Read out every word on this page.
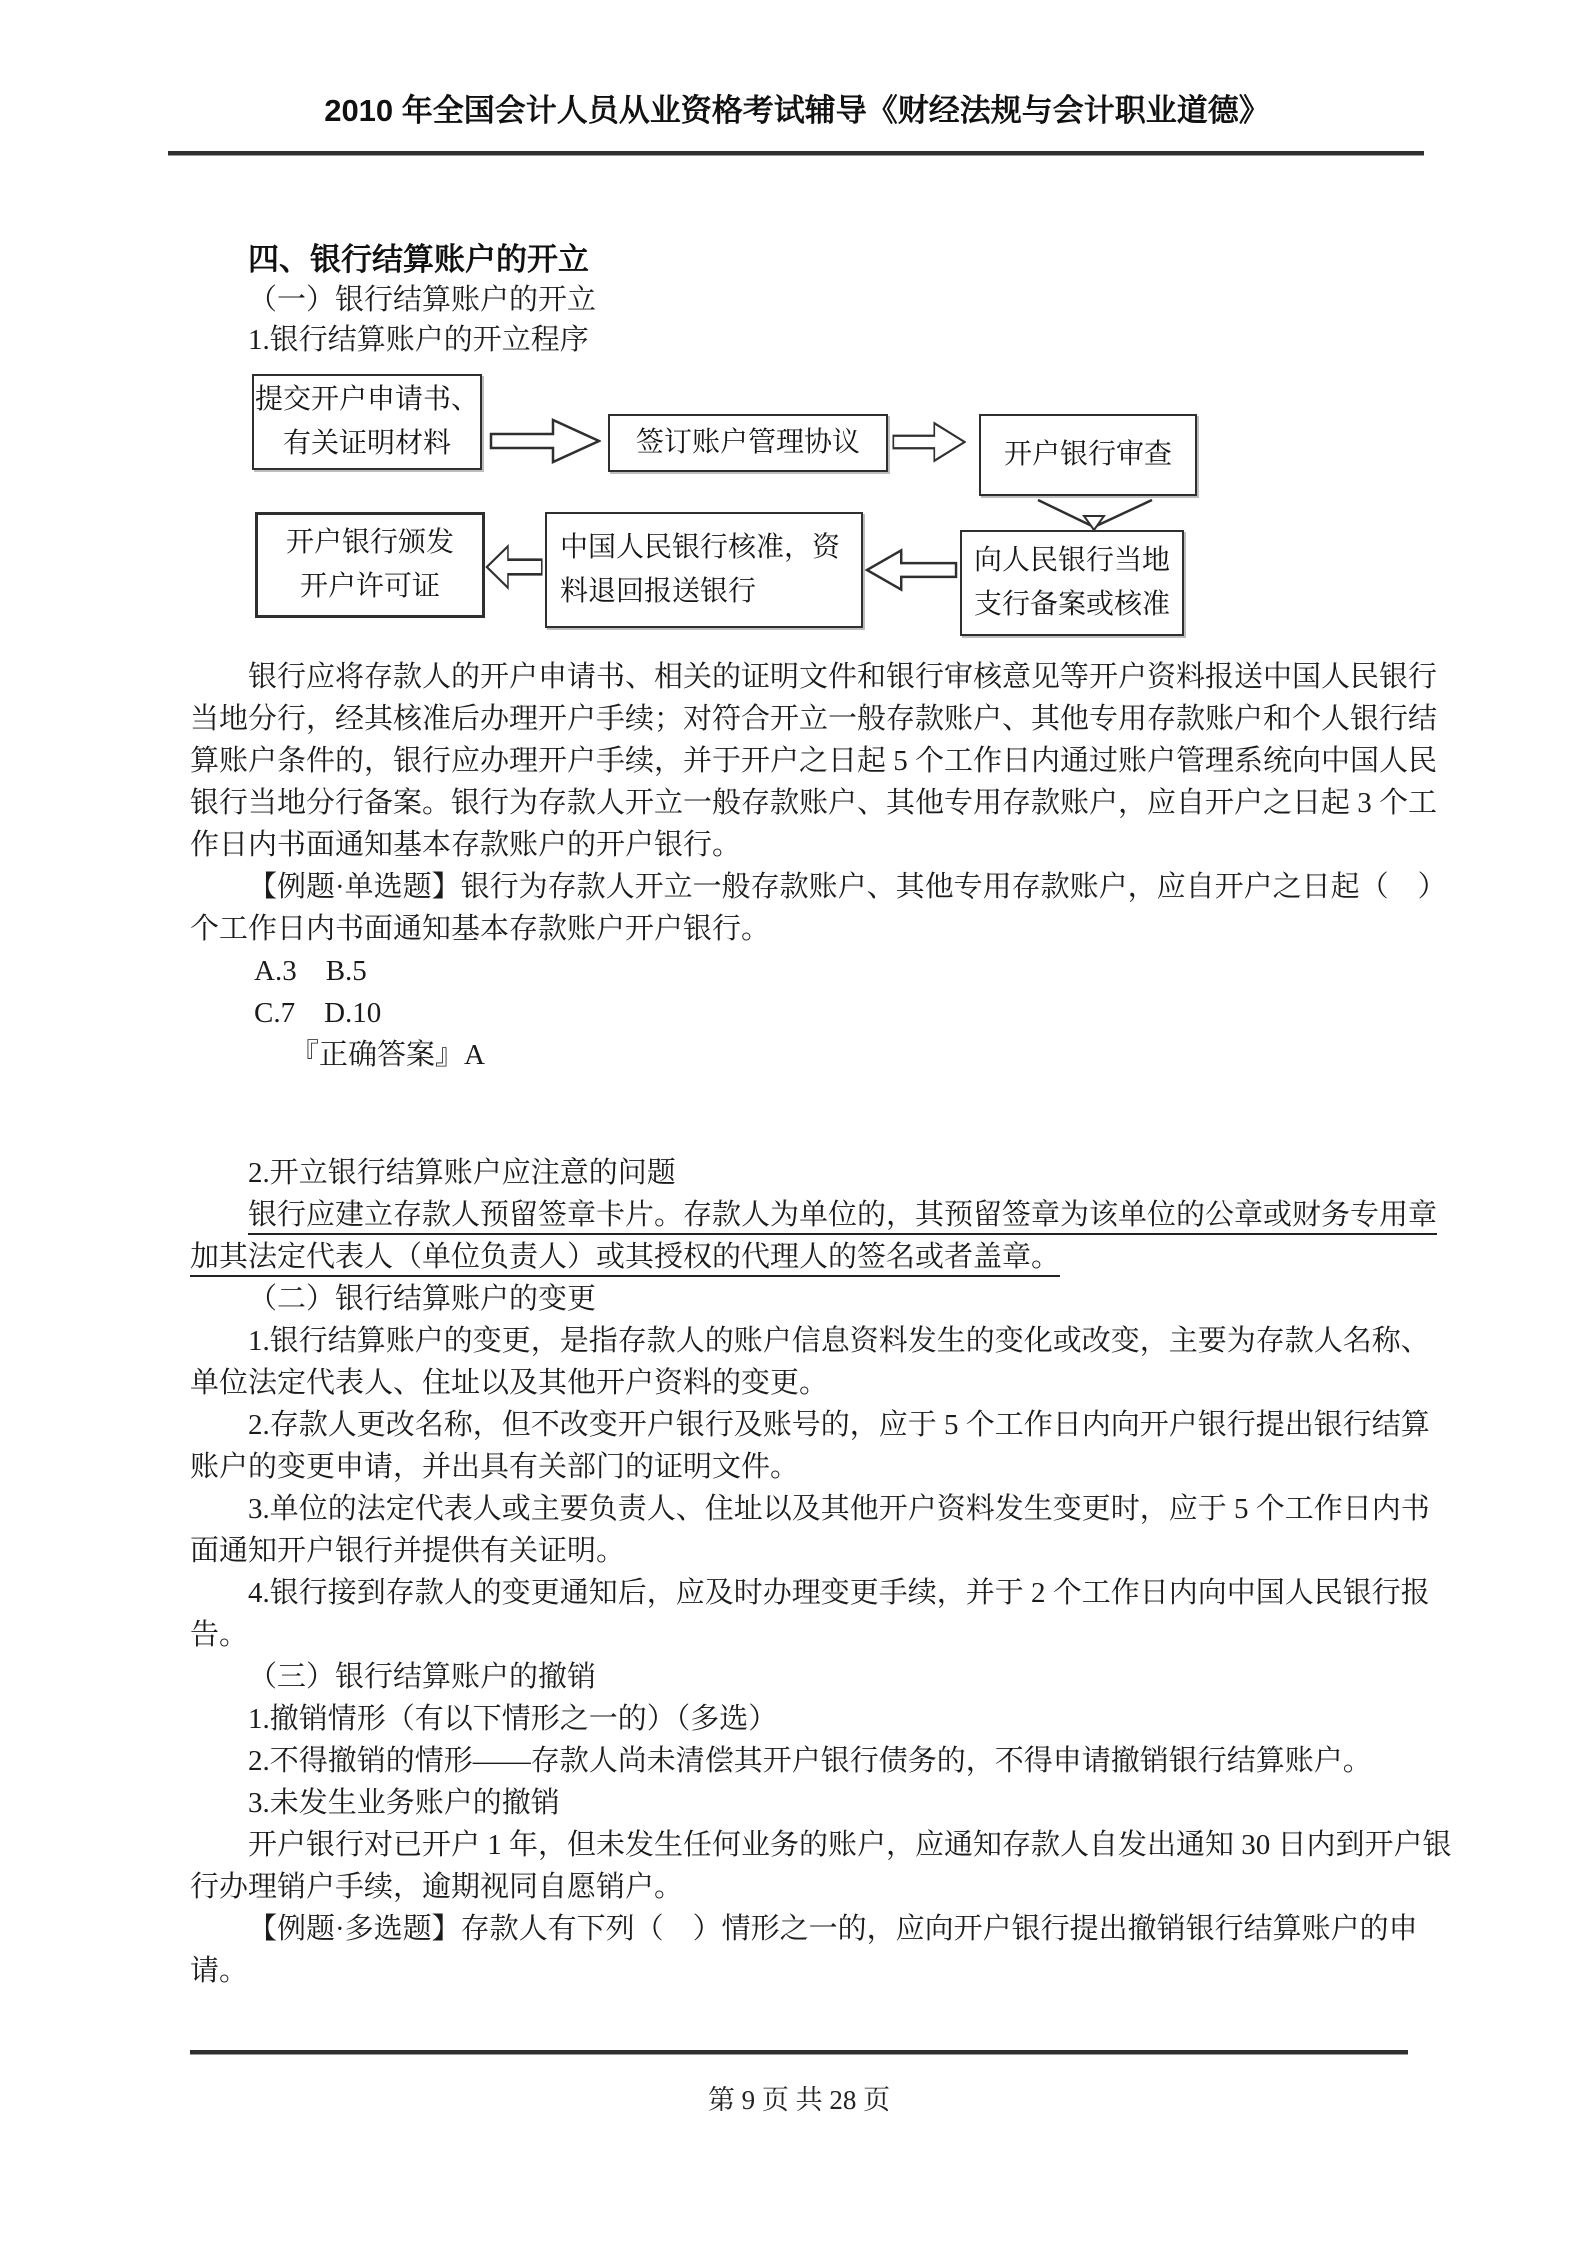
2010 年全国会计人员从业资格考试辅导《财经法规与会计职业道德》
四、银行结算账户的开立
（一）银行结算账户的开立
1.银行结算账户的开立程序
提交开户申请书、
有关证明材料	签订账户管理协议	开户银行审查
向人民银行当地
支行备案或核准
中国人民银行核准，资
料退回报送银行
开户银行颁发
开户许可证
银行应将存款人的开户申请书、相关的证明文件和银行审核意见等开户资料报送中国人民银行
当地分行，经其核准后办理开户手续；对符合开立一般存款账户、其他专用存款账户和个人银行结
算账户条件的，银行应办理开户手续，并于开户之日起 5 个工作日内通过账户管理系统向中国人民
银行当地分行备案。银行为存款人开立一般存款账户、其他专用存款账户，应自开户之日起 3 个工
作日内书面通知基本存款账户的开户银行。
【例题·单选题】银行为存款人开立一般存款账户、其他专用存款账户，应自开户之日起（　）
个工作日内书面通知基本存款账户开户银行。
A.3　B.5
C.7　D.10
『正确答案』A
2.开立银行结算账户应注意的问题
银行应建立存款人预留签章卡片。存款人为单位的，其预留签章为该单位的公章或财务专用章
加其法定代表人（单位负责人）或其授权的代理人的签名或者盖章。
（二）银行结算账户的变更
1.银行结算账户的变更，是指存款人的账户信息资料发生的变化或改变，主要为存款人名称、
单位法定代表人、住址以及其他开户资料的变更。
2.存款人更改名称，但不改变开户银行及账号的，应于 5 个工作日内向开户银行提出银行结算
账户的变更申请，并出具有关部门的证明文件。
3.单位的法定代表人或主要负责人、住址以及其他开户资料发生变更时，应于 5 个工作日内书
面通知开户银行并提供有关证明。
4.银行接到存款人的变更通知后，应及时办理变更手续，并于 2 个工作日内向中国人民银行报
告。
（三）银行结算账户的撤销
1.撤销情形（有以下情形之一的）（多选）
2.不得撤销的情形——存款人尚未清偿其开户银行债务的，不得申请撤销银行结算账户。
3.未发生业务账户的撤销
开户银行对已开户 1 年，但未发生任何业务的账户，应通知存款人自发出通知 30 日内到开户银
行办理销户手续，逾期视同自愿销户。
【例题·多选题】存款人有下列（　）情形之一的，应向开户银行提出撤销银行结算账户的申
请。
第 9 页 共 28 页
